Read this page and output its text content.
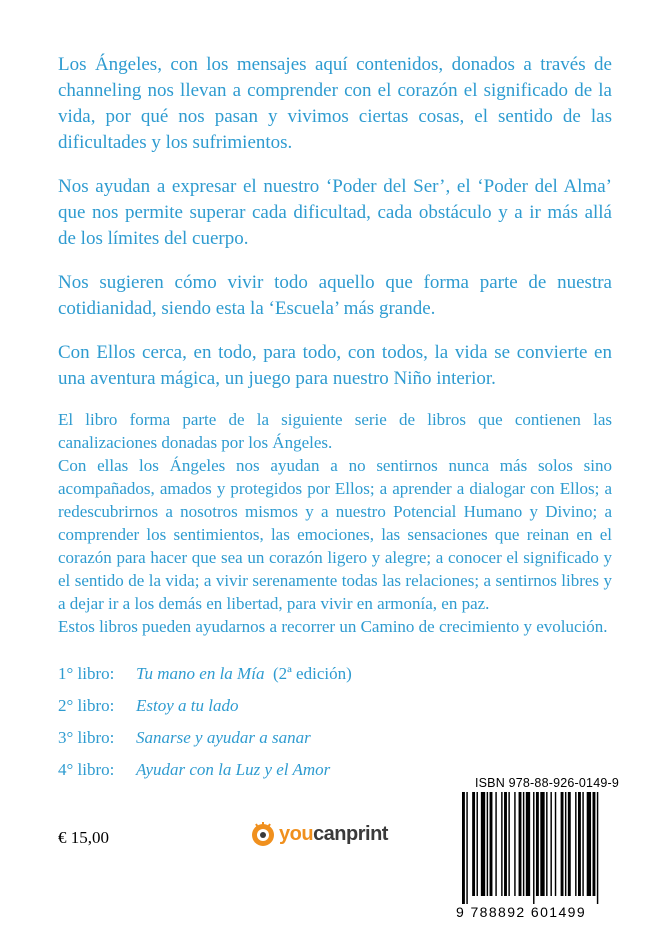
Los Ángeles, con los mensajes aquí contenidos, donados a través de channeling nos llevan a comprender con el corazón el significado de la vida, por qué nos pasan y vivimos ciertas cosas, el sentido de las dificultades y los sufrimientos.

Nos ayudan a expresar el nuestro ‘Poder del Ser’, el ‘Poder del Alma’ que nos permite superar cada dificultad, cada obstáculo y a ir más allá de los límites del cuerpo.

Nos sugieren cómo vivir todo aquello que forma parte de nuestra cotidianidad, siendo esta la ‘Escuela’ más grande.

Con Ellos cerca, en todo, para todo, con todos, la vida se convierte en una aventura mágica, un juego para nuestro Niño interior.

El libro forma parte de la siguiente serie de libros que contienen las canalizaciones donadas por los Ángeles.

Con ellas los Ángeles nos ayudan a no sentirnos nunca más solos sino acompañados, amados y protegidos por Ellos; a aprender a dialogar con Ellos; a redescubrirnos a nosotros mismos y a nuestro Potencial Humano y Divino; a comprender los sentimientos, las emociones, las sensaciones que reinan en el corazón para hacer que sea un corazón ligero y alegre; a conocer el significado y el sentido de la vida; a vivir serenamente todas las relaciones; a sentirnos libres y a dejar ir a los demás en libertad, para vivir en armonía, en paz.

Estos libros pueden ayudarnos a recorrer un Camino de crecimiento y evolución.

1° libro: Tu mano en la Mía  (2ª edición)
2° libro: Estoy a tu lado
3° libro: Sanarse y ayudar a sanar
4° libro: Ayudar con la Luz y el Amor
€ 15,00	youcanprint
ISBN 978-88-926-0149-9
9 788892 601499
